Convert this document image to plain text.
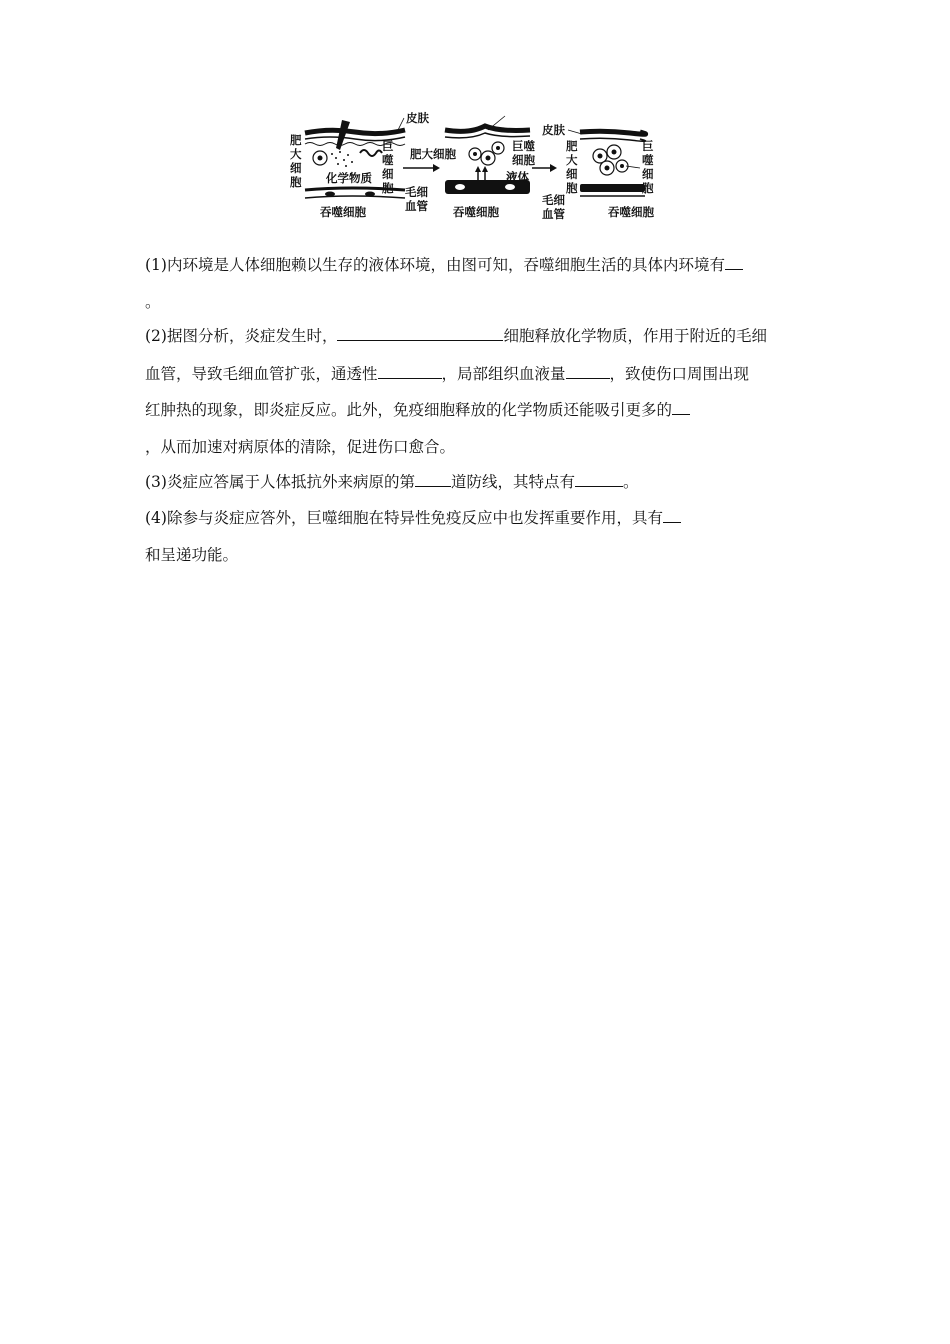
皮肤
肥
大
细
胞 化学物质
巨
噬
细
胞 毛细
血管
吞噬细胞
肥大细胞
巨噬
细胞
液体
吞噬细胞
皮肤
肥
大
细
胞
毛细
血管
巨
噬
细
胞
吞噬细胞
(1)内环境是人体细胞赖以生存的液体环境，由图可知，吞噬细胞生活的具体内环境有
。
(2)据图分析，炎症发生时，	细胞释放化学物质，作用于附近的毛细
血管，导致毛细血管扩张，通透性	，局部组织血液量	，致使伤口周围出现
红肿热的现象，即炎症反应。此外，免疫细胞释放的化学物质还能吸引更多的
，从而加速对病原体的清除，促进伤口愈合。
(3)炎症应答属于人体抵抗外来病原的第 道防线，其特点有	。
(4)除参与炎症应答外，巨噬细胞在特异性免疫反应中也发挥重要作用，具有
和呈递功能。
